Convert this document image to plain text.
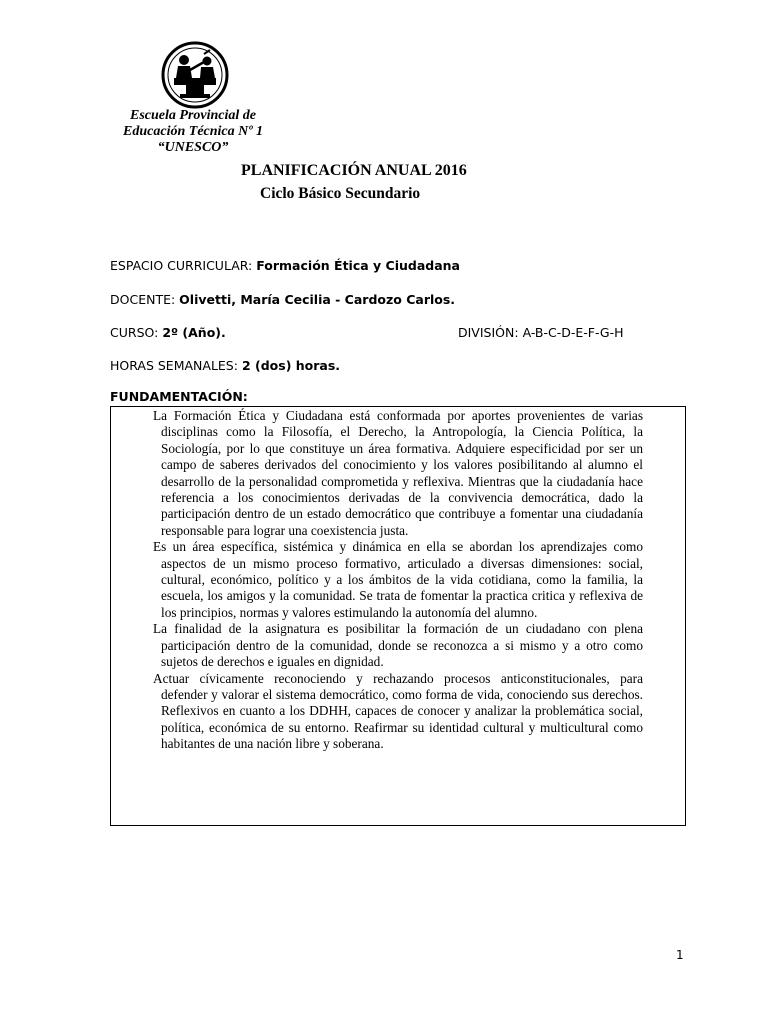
Escuela Provincial de
Educación Técnica Nº 1
“UNESCO”
PLANIFICACIÓN ANUAL 2016
Ciclo Básico Secundario
ESPACIO CURRICULAR: Formación Ética y Ciudadana
DOCENTE: Olivetti, María Cecilia - Cardozo Carlos.
CURSO: 2º (Año).	DIVISIÓN: A-B-C-D-E-F-G-H
HORAS SEMANALES: 2 (dos) horas.
FUNDAMENTACIÓN:

La Formación Ética y Ciudadana está conformada por aportes provenientes de varias disciplinas como la Filosofía, el Derecho, la Antropología, la Ciencia Política, la Sociología, por lo que constituye un área formativa. Adquiere especificidad por ser un campo de saberes derivados del conocimiento y los valores posibilitando al alumno el desarrollo de la personalidad comprometida y reflexiva. Mientras que la ciudadanía hace referencia a los conocimientos derivadas de la convivencia democrática, dado la participación dentro de un estado democrático que contribuye a fomentar una ciudadanía responsable para lograr una coexistencia justa.

Es un área específica, sistémica y dinámica en ella se abordan los aprendizajes como aspectos de un mismo proceso formativo, articulado a diversas dimensiones: social, cultural, económico, político y a los ámbitos de la vida cotidiana, como la familia, la escuela, los amigos y la comunidad. Se trata de fomentar la practica critica y reflexiva de los principios, normas y valores estimulando la autonomía del alumno.

La finalidad de la asignatura es posibilitar la formación de un ciudadano con plena participación dentro de la comunidad, donde se reconozca a si mismo y a otro como sujetos de derechos e iguales en dignidad.

Actuar cívicamente reconociendo y rechazando procesos anticonstitucionales, para defender y valorar el sistema democrático, como forma de vida, conociendo sus derechos. Reflexivos en cuanto a los DDHH, capaces de conocer y analizar la problemática social, política, económica de su entorno. Reafirmar su identidad cultural y multicultural como habitantes de una nación libre y soberana.

1
